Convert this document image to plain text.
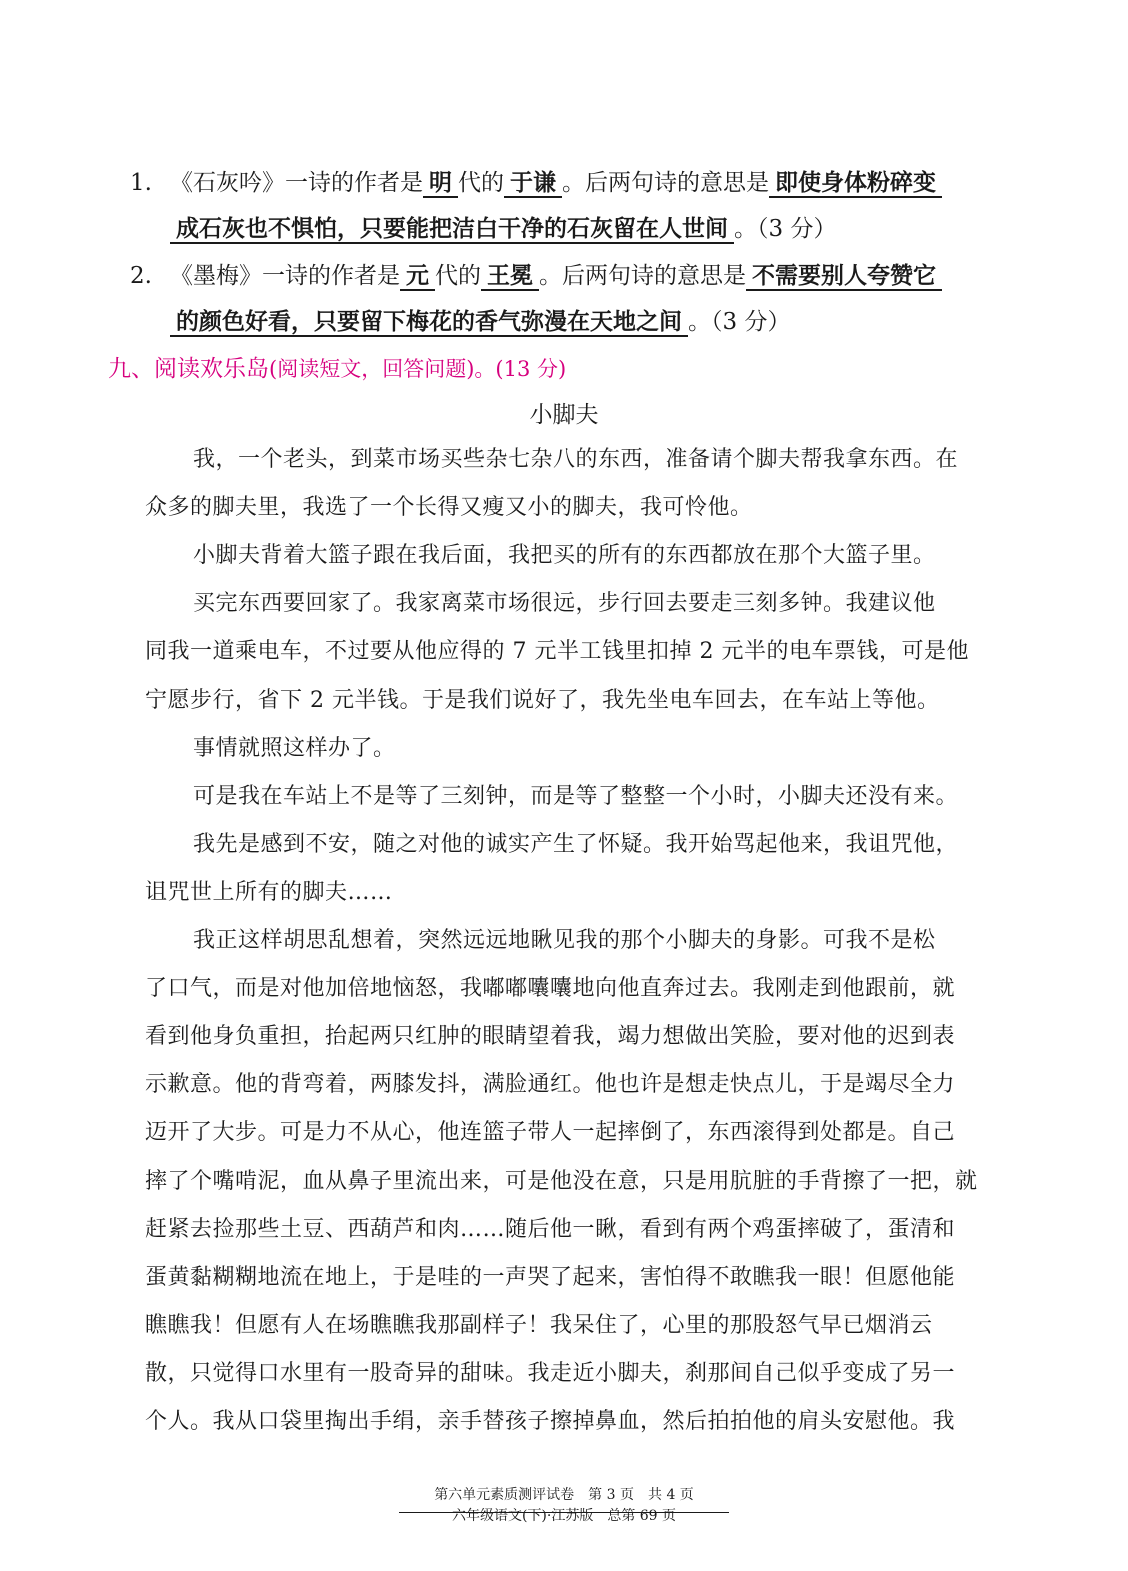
1. 《石灰吟》一诗的作者是 明 代的 于谦 。后两句诗的意思是 即使身体粉碎变
成石灰也不惧怕，只要能把洁白干净的石灰留在人世间 。（3 分）
2. 《墨梅》一诗的作者是 元 代的 王冕 。后两句诗的意思是 不需要别人夸赞它
的颜色好看，只要留下梅花的香气弥漫在天地之间 。（3 分）
九、阅读欢乐岛(阅读短文，回答问题)。(13 分)
小脚夫
我，一个老头，到菜市场买些杂七杂八的东西，准备请个脚夫帮我拿东西。在
众多的脚夫里，我选了一个长得又瘦又小的脚夫，我可怜他。
小脚夫背着大篮子跟在我后面，我把买的所有的东西都放在那个大篮子里。
买完东西要回家了。我家离菜市场很远，步行回去要走三刻多钟。我建议他
同我一道乘电车，不过要从他应得的 7 元半工钱里扣掉 2 元半的电车票钱，可是他
宁愿步行，省下 2 元半钱。于是我们说好了，我先坐电车回去，在车站上等他。
事情就照这样办了。
可是我在车站上不是等了三刻钟，而是等了整整一个小时，小脚夫还没有来。
我先是感到不安，随之对他的诚实产生了怀疑。我开始骂起他来，我诅咒他，
诅咒世上所有的脚夫……
我正这样胡思乱想着，突然远远地瞅见我的那个小脚夫的身影。可我不是松
了口气，而是对他加倍地恼怒，我嘟嘟囔囔地向他直奔过去。我刚走到他跟前，就
看到他身负重担，抬起两只红肿的眼睛望着我，竭力想做出笑脸，要对他的迟到表
示歉意。他的背弯着，两膝发抖，满脸通红。他也许是想走快点儿，于是竭尽全力
迈开了大步。可是力不从心，他连篮子带人一起摔倒了，东西滚得到处都是。自己
摔了个嘴啃泥，血从鼻子里流出来，可是他没在意，只是用肮脏的手背擦了一把，就
赶紧去捡那些土豆、西葫芦和肉……随后他一瞅，看到有两个鸡蛋摔破了，蛋清和
蛋黄黏糊糊地流在地上，于是哇的一声哭了起来，害怕得不敢瞧我一眼！但愿他能
瞧瞧我！但愿有人在场瞧瞧我那副样子！我呆住了，心里的那股怒气早已烟消云
散，只觉得口水里有一股奇异的甜味。我走近小脚夫，刹那间自己似乎变成了另一
个人。我从口袋里掏出手绢，亲手替孩子擦掉鼻血，然后拍拍他的肩头安慰他。我
第六单元素质测评试卷　第 3 页　共 4 页
六年级语文(下)·江苏版　总第 69 页
